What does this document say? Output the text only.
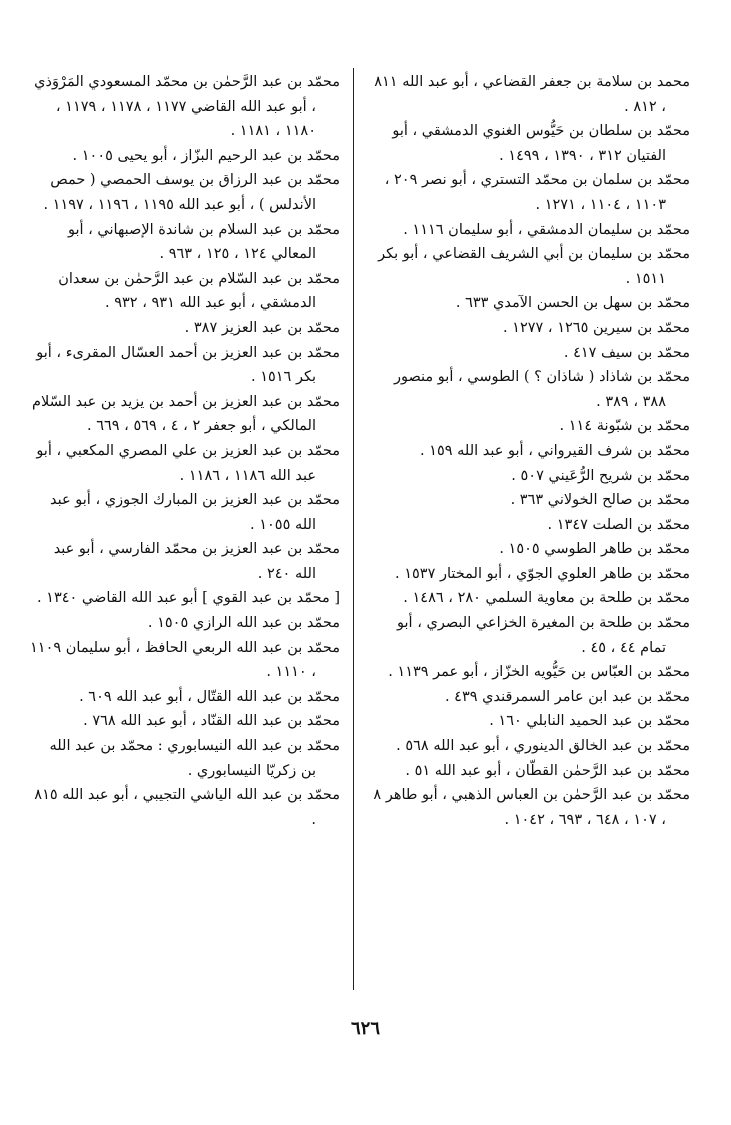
محمد بن سلامة بن جعفر القضاعي ، أبو عبد الله ٨١١ ، ٨١٢ .

محمّد بن سلطان بن حَيُّوس الغنوي الدمشقي ، أبو الفتيان ٣١٢ ، ١٣٩٠ ، ١٤٩٩ .

محمّد بن سلمان بن محمّد التستري ، أبو نصر ٢٠٩ ، ١١٠٣ ، ١١٠٤ ، ١٢٧١ .

محمّد بن سليمان الدمشقي ، أبو سليمان ١١١٦ .

محمّد بن سليمان بن أبي الشريف القضاعي ، أبو بكر ١٥١١ .

محمّد بن سهل بن الحسن الآمدي ٦٣٣ .

محمّد بن سيرين ١٢٦٥ ، ١٢٧٧ .

محمّد بن سيف ٤١٧ .

محمّد بن شاذاد ( شاذان ؟ ) الطوسي ، أبو منصور ٣٨٨ ، ٣٨٩ .

محمّد بن شبّونة ١١٤ .

محمّد بن شرف القيرواني ، أبو عبد الله ١٥٩ .

محمّد بن شريح الرُّعَيني ٥٠٧ .

محمّد بن صالح الخولاني ٣٦٣ .

محمّد بن الصلت ١٣٤٧ .

محمّد بن طاهر الطوسي ١٥٠٥ .

محمّد بن طاهر العلوي الجوّي ، أبو المختار ١٥٣٧ .

محمّد بن طلحة بن معاوية السلمي ٢٨٠ ، ١٤٨٦ .

محمّد بن طلحة بن المغيرة الخزاعي البصري ، أبو تمام ٤٤ ، ٤٥ .

محمّد بن العبّاس بن حَيُّويه الخزّاز ، أبو عمر ١١٣٩ .

محمّد بن عبد ابن عامر السمرقندي ٤٣٩ .

محمّد بن عبد الحميد النابلي ١٦٠ .

محمّد بن عبد الخالق الدينوري ، أبو عبد الله ٥٦٨ .

محمّد بن عبد الرَّحمٰن القطّان ، أبو عبد الله ٥١ .

محمّد بن عبد الرَّحمٰن بن العباس الذهبي ، أبو طاهر ٨ ، ١٠٧ ، ٦٤٨ ، ٦٩٣ ، ١٠٤٢ .

محمّد بن عبد الرَّحمٰن بن محمّد المسعودي المَرْوَذي ، أبو عبد الله القاضي ١١٧٧ ، ١١٧٨ ، ١١٧٩ ، ١١٨٠ ، ١١٨١ .

محمّد بن عبد الرحيم البزّاز ، أبو يحيى ١٠٠٥ .

محمّد بن عبد الرزاق بن يوسف الحمصي ( حمص الأندلس ) ، أبو عبد الله ١١٩٥ ، ١١٩٦ ، ١١٩٧ .

محمّد بن عبد السلام بن شاندة الإصبهاني ، أبو المعالي ١٢٤ ، ١٢٥ ، ٩٦٣ .

محمّد بن عبد السّلام بن عبد الرَّحمٰن بن سعدان الدمشقي ، أبو عبد الله ٩٣١ ، ٩٣٢ .

محمّد بن عبد العزيز ٣٨٧ .

محمّد بن عبد العزيز بن أحمد العسّال المقرىء ، أبو بكر ١٥١٦ .

محمّد بن عبد العزيز بن أحمد بن يزيد بن عبد السّلام المالكي ، أبو جعفر ٢ ، ٤ ، ٥٦٩ ، ٦٦٩ .

محمّد بن عبد العزيز بن علي المصري المكعبي ، أبو عبد الله ١١٨٦ ، ١١٨٦ .

محمّد بن عبد العزيز بن المبارك الجوزي ، أبو عبد الله ١٠٥٥ .

محمّد بن عبد العزيز بن محمّد الفارسي ، أبو عبد الله ٢٤٠ .

[ محمّد بن عبد القوي ] أبو عبد الله القاضي ١٣٤٠ .

محمّد بن عبد الله الرازي ١٥٠٥ .

محمّد بن عبد الله الربعي الحافظ ، أبو سليمان ١١٠٩ ، ١١١٠ .

محمّد بن عبد الله القتّال ، أبو عبد الله ٦٠٩ .

محمّد بن عبد الله القنّاد ، أبو عبد الله ٧٦٨ .

محمّد بن عبد الله النيسابوري : محمّد بن عبد الله بن زكريّا النيسابوري .

محمّد بن عبد الله الياشي التجيبي ، أبو عبد الله ٨١٥ .

٦٢٦
